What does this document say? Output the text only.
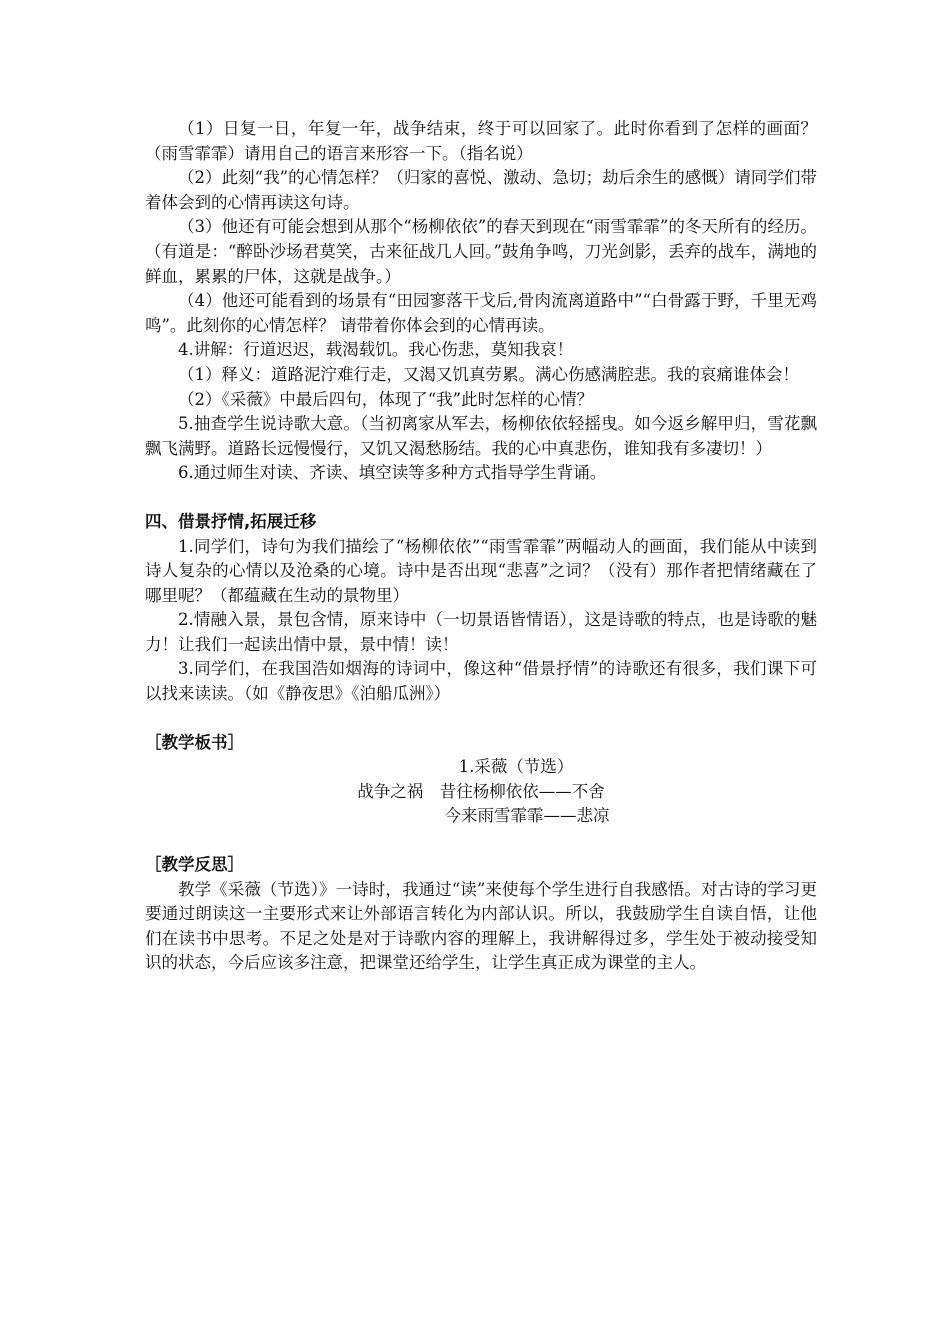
（1）日复一日，年复一年，战争结束，终于可以回家了。此时你看到了怎样的画面？（雨雪霏霏）请用自己的语言来形容一下。（指名说）

（2）此刻“我”的心情怎样？（归家的喜悦、激动、急切；劫后余生的感慨）请同学们带着体会到的心情再读这句诗。

（3）他还有可能会想到从那个“杨柳依依”的春天到现在“雨雪霏霏”的冬天所有的经历。（有道是：“醉卧沙场君莫笑，古来征战几人回。”鼓角争鸣，刀光剑影，丢弃的战车，满地的鲜血，累累的尸体，这就是战争。）

（4）他还可能看到的场景有“田园寥落干戈后,骨肉流离道路中”“白骨露于野，千里无鸡鸣”。此刻你的心情怎样？ 请带着你体会到的心情再读。

4.讲解：行道迟迟，载渴载饥。我心伤悲，莫知我哀！

（1）释义：道路泥泞难行走，又渴又饥真劳累。满心伤感满腔悲。我的哀痛谁体会！

（2）《采薇》中最后四句，体现了“我”此时怎样的心情？

5.抽查学生说诗歌大意。（当初离家从军去，杨柳依依轻摇曳。如今返乡解甲归，雪花飘飘飞满野。道路长远慢慢行，又饥又渴愁肠结。我的心中真悲伤，谁知我有多凄切！）

6.通过师生对读、齐读、填空读等多种方式指导学生背诵。

四、借景抒情,拓展迁移

1.同学们，诗句为我们描绘了“杨柳依依”“雨雪霏霏”两幅动人的画面，我们能从中读到诗人复杂的心情以及沧桑的心境。诗中是否出现“悲喜”之词？（没有）那作者把情绪藏在了哪里呢？（都蕴藏在生动的景物里）

2.情融入景，景包含情，原来诗中（一切景语皆情语），这是诗歌的特点，也是诗歌的魅力！让我们一起读出情中景，景中情！读！

3.同学们，在我国浩如烟海的诗词中，像这种“借景抒情”的诗歌还有很多，我们课下可以找来读读。（如《静夜思》《泊船瓜洲》）

［教学板书］

1.采薇（节选）

战争之祸　昔往杨柳依依——不舍

今来雨雪霏霏——悲凉

［教学反思］

教学《采薇（节选）》一诗时，我通过“读”来使每个学生进行自我感悟。对古诗的学习更要通过朗读这一主要形式来让外部语言转化为内部认识。所以，我鼓励学生自读自悟，让他们在读书中思考。不足之处是对于诗歌内容的理解上，我讲解得过多，学生处于被动接受知识的状态，今后应该多注意，把课堂还给学生，让学生真正成为课堂的主人。
